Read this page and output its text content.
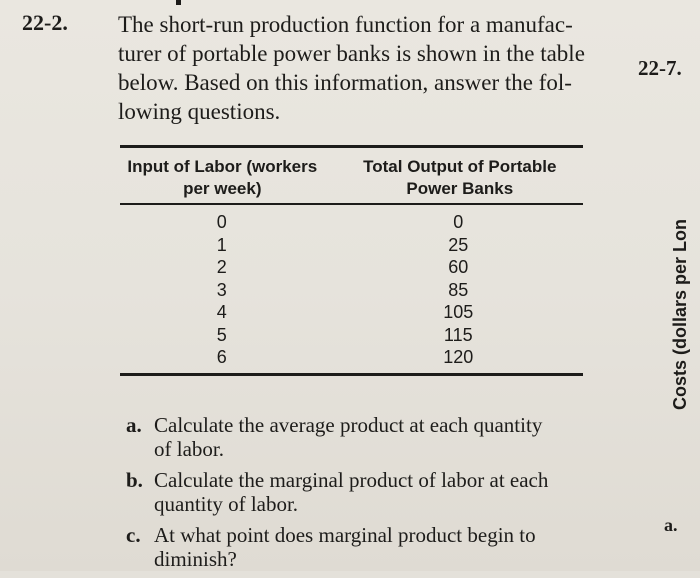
22-2. The short-run production function for a manufac-
turer of portable power banks is shown in the table
below. Based on this information, answer the fol-
lowing questions.

22-7.
Input of Labor (workers
per week)
Total Output of Portable
Power Banks
0	0
1	25
2	60
3	85
4	105
5	115
6	120
a. Calculate the average product at each quantity
of labor.
b. Calculate the marginal product of labor at each
quantity of labor.
c. At what point does marginal product begin to
diminish?
Costs (dollars per Lon
a.
